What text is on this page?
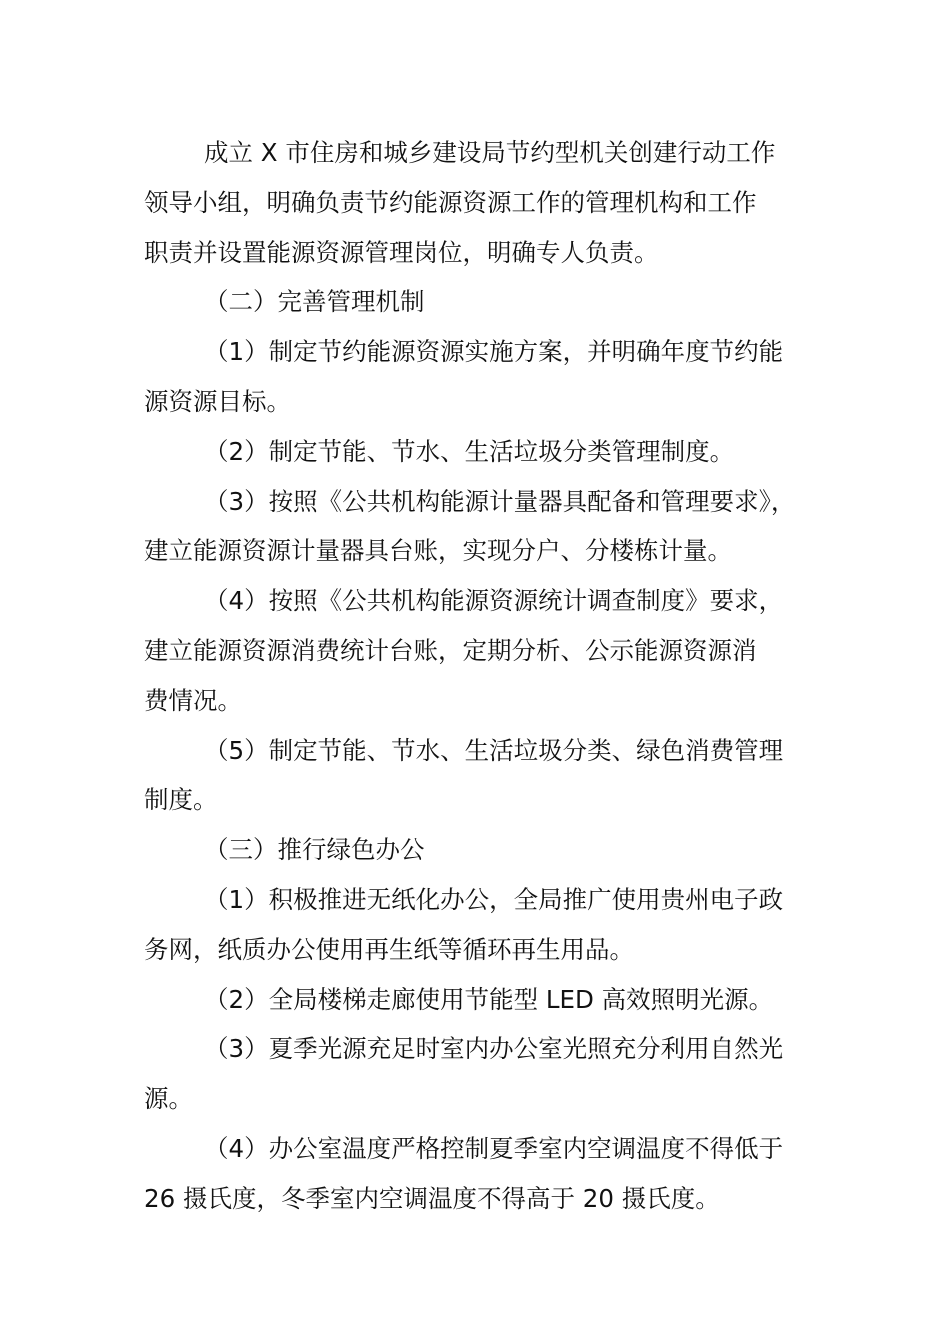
成立 X 市住房和城乡建设局节约型机关创建行动工作
领导小组，明确负责节约能源资源工作的管理机构和工作
职责并设置能源资源管理岗位，明确专人负责。

（二）完善管理机制

（1）制定节约能源资源实施方案，并明确年度节约能
源资源目标。

（2）制定节能、节水、生活垃圾分类管理制度。

（3）按照《公共机构能源计量器具配备和管理要求》，
建立能源资源计量器具台账，实现分户、分楼栋计量。

（4）按照《公共机构能源资源统计调查制度》要求，
建立能源资源消费统计台账，定期分析、公示能源资源消
费情况。

（5）制定节能、节水、生活垃圾分类、绿色消费管理
制度。

（三）推行绿色办公

（1）积极推进无纸化办公，全局推广使用贵州电子政
务网，纸质办公使用再生纸等循环再生用品。

（2）全局楼梯走廊使用节能型 LED 高效照明光源。

（3）夏季光源充足时室内办公室光照充分利用自然光
源。

（4）办公室温度严格控制夏季室内空调温度不得低于
26 摄氏度，冬季室内空调温度不得高于 20 摄氏度。
